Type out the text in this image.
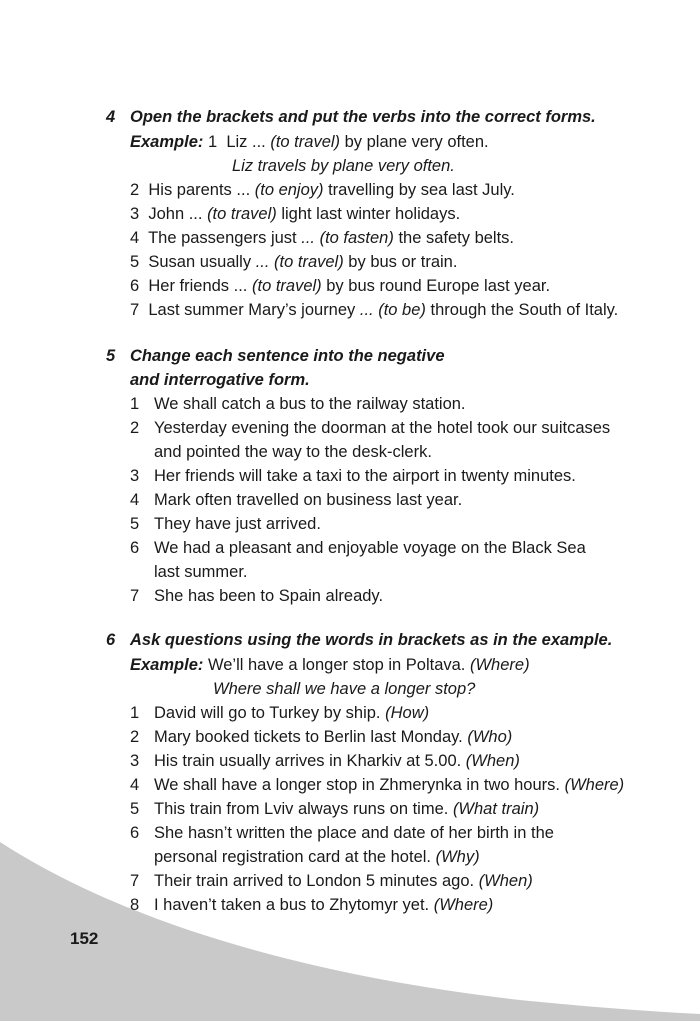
4 Open the brackets and put the verbs into the correct forms.
Example: 1 Liz ... (to travel) by plane very often.
Liz travels by plane very often.
2 His parents ... (to enjoy) travelling by sea last July.
3 John ... (to travel) light last winter holidays.
4 The passengers just ... (to fasten) the safety belts.
5 Susan usually ... (to travel) by bus or train.
6 Her friends ... (to travel) by bus round Europe last year.
7 Last summer Mary’s journey ... (to be) through the South of Italy.
5 Change each sentence into the negative
and interrogative form.
1 We shall catch a bus to the railway station.
2 Yesterday evening the doorman at the hotel took our suitcases
and pointed the way to the desk-clerk.
3 Her friends will take a taxi to the airport in twenty minutes.
4 Mark often travelled on business last year.
5 They have just arrived.
6 We had a pleasant and enjoyable voyage on the Black Sea
last summer.
7 She has been to Spain already.
6 Ask questions using the words in brackets as in the example.
Example: We’ll have a longer stop in Poltava. (Where)
Where shall we have a longer stop?
1 David will go to Turkey by ship. (How)
2 Mary booked tickets to Berlin last Monday. (Who)
3 His train usually arrives in Kharkiv at 5.00. (When)
4 We shall have a longer stop in Zhmerynka in two hours. (Where)
5 This train from Lviv always runs on time. (What train)
6 She hasn’t written the place and date of her birth in the
personal registration card at the hotel. (Why)
7 Their train arrived to London 5 minutes ago. (When)
8 I haven’t taken a bus to Zhytomyr yet. (Where)
152
